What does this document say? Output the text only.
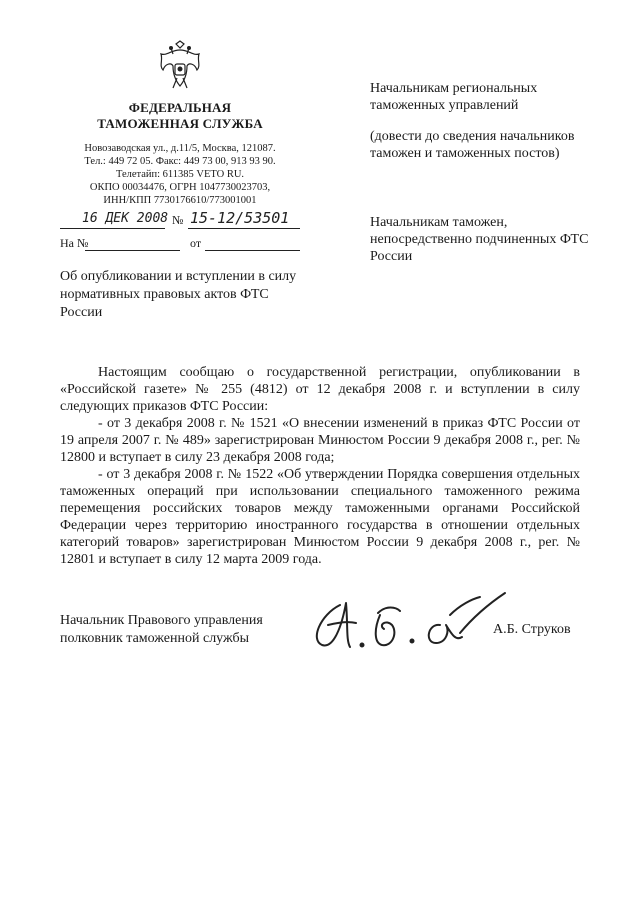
ФЕДЕРАЛЬНАЯ
ТАМОЖЕННАЯ СЛУЖБА
Новозаводская ул., д.11/5, Москва, 121087.
Тел.: 449 72 05. Факс: 449 73 00, 913 93 90.
Телетайп: 611385 VETO RU.
ОКПО 00034476, ОГРН 1047730023703,
ИНН/КПП 7730176610/773001001
16 ДЕК 2008 № 15-12/53501
На №	от
Об опубликовании и вступлении в силу нормативных правовых актов ФТС России
Начальникам региональных таможенных управлений
(довести до сведения начальников таможен и таможенных постов)
Начальникам таможен, непосредственно подчиненных ФТС России

Настоящим сообщаю о государственной регистрации, опубликовании в «Российской газете» № 255 (4812) от 12 декабря 2008 г. и вступлении в силу следующих приказов ФТС России:

- от 3 декабря 2008 г. № 1521 «О внесении изменений в приказ ФТС России от 19 апреля 2007 г. № 489» зарегистрирован Минюстом России 9 декабря 2008 г., рег. № 12800 и вступает в силу 23 декабря 2008 года;

- от 3 декабря 2008 г. № 1522 «Об утверждении Порядка совершения отдельных таможенных операций при использовании специального таможенного режима перемещения российских товаров между таможенными органами Российской Федерации через территорию иностранного государства в отношении отдельных категорий товаров» зарегистрирован Минюстом России 9 декабря 2008 г., рег. № 12801 и вступает в силу 12 марта 2009 года.

Начальник Правового управления
полковник таможенной службы
А.Б. Струков
